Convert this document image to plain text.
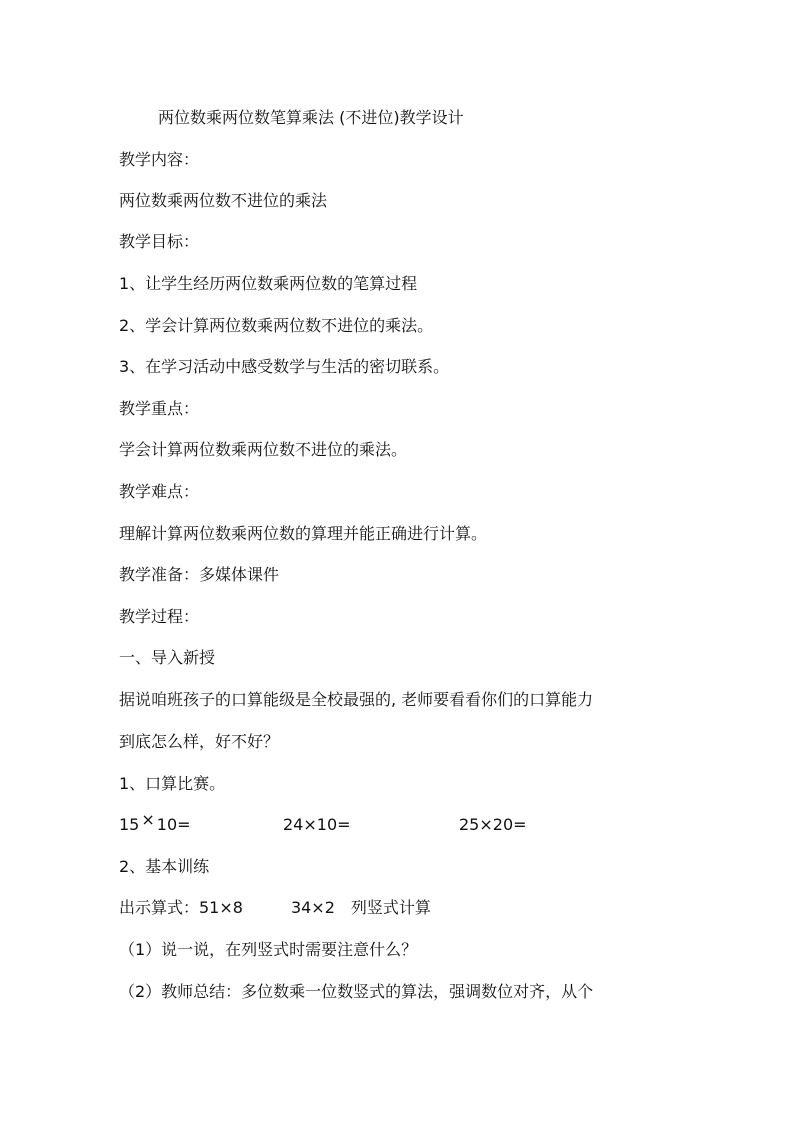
两位数乘两位数笔算乘法 (不进位)教学设计
教学内容：
两位数乘两位数不进位的乘法
教学目标：
1、让学生经历两位数乘两位数的笔算过程
2、学会计算两位数乘两位数不进位的乘法。
3、在学习活动中感受数学与生活的密切联系。
教学重点：
学会计算两位数乘两位数不进位的乘法。
教学难点：
理解计算两位数乘两位数的算理并能正确进行计算。
教学准备：多媒体课件
教学过程：
一、导入新授
据说咱班孩子的口算能级是全校最强的, 老师要看看你们的口算能力
到底怎么样，好不好？
1、口算比赛。
15 × 10=	24×10=	25×20=
2、基本训练
出示算式：51×8　　　34×2　列竖式计算
（1）说一说，在列竖式时需要注意什么？
（2）教师总结：多位数乘一位数竖式的算法，强调数位对齐，从个
